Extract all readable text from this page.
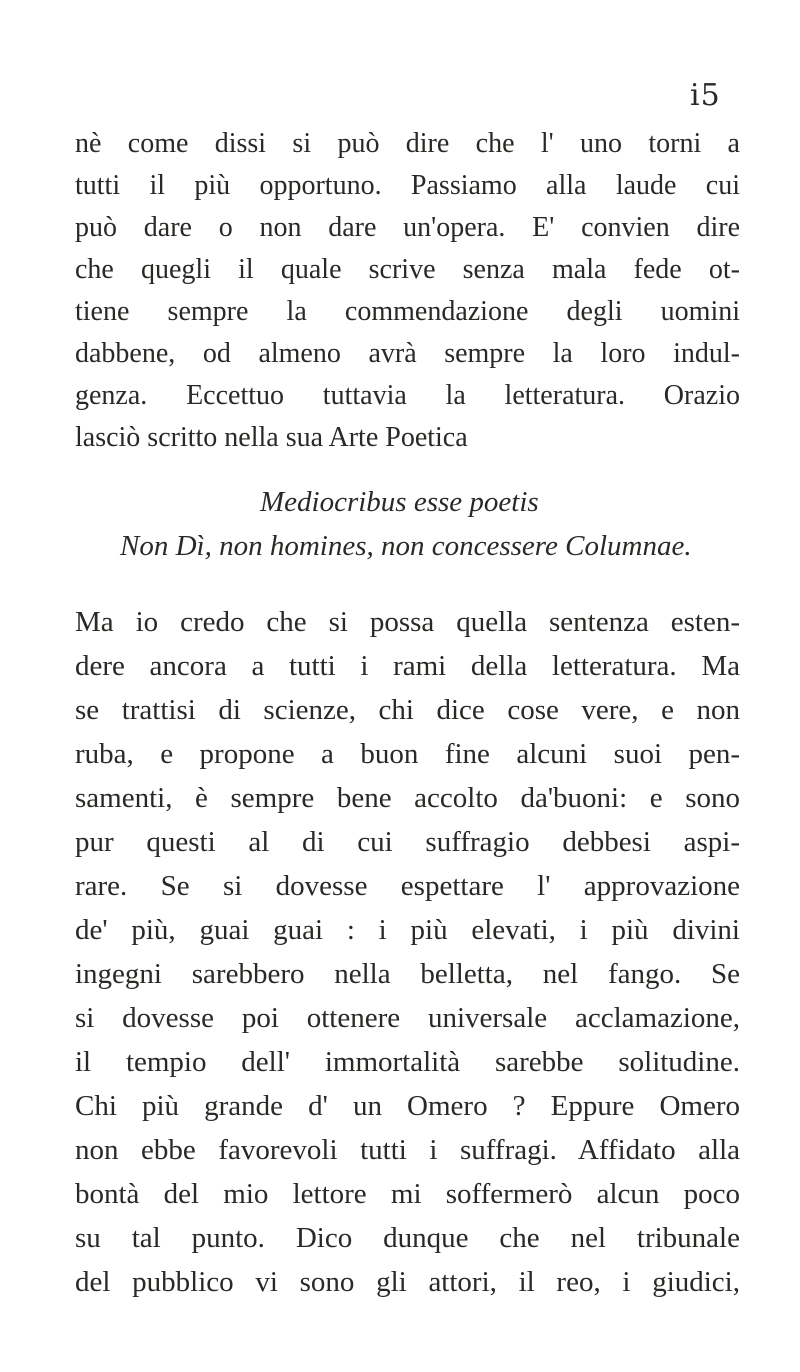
i5
nè come dissi si può dire che l' uno torni a
tutti il più opportuno. Passiamo alla laude cui
può dare o non dare un'opera. E' convien dire
che quegli il quale scrive senza mala fede ot-
tiene sempre la commendazione degli uomini
dabbene, od almeno avrà sempre la loro indul-
genza. Eccettuo tuttavia la letteratura. Orazio
lasciò scritto nella sua Arte Poetica
Mediocribus esse poetis
Non Dì, non homines, non concessere Columnae.
Ma io credo che si possa quella sentenza esten-
dere ancora a tutti i rami della letteratura. Ma
se trattisi di scienze, chi dice cose vere, e non
ruba, e propone a buon fine alcuni suoi pen-
samenti, è sempre bene accolto da'buoni: e sono
pur questi al di cui suffragio debbesi aspi-
rare. Se si dovesse espettare l' approvazione
de' più, guai guai : i più elevati, i più divini
ingegni sarebbero nella belletta, nel fango. Se
si dovesse poi ottenere universale acclamazione,
il tempio dell' immortalità sarebbe solitudine.
Chi più grande d' un Omero ? Eppure Omero
non ebbe favorevoli tutti i suffragi. Affidato alla
bontà del mio lettore mi soffermerò alcun poco
su tal punto. Dico dunque che nel tribunale
del pubblico vi sono gli attori, il reo, i giudici,
